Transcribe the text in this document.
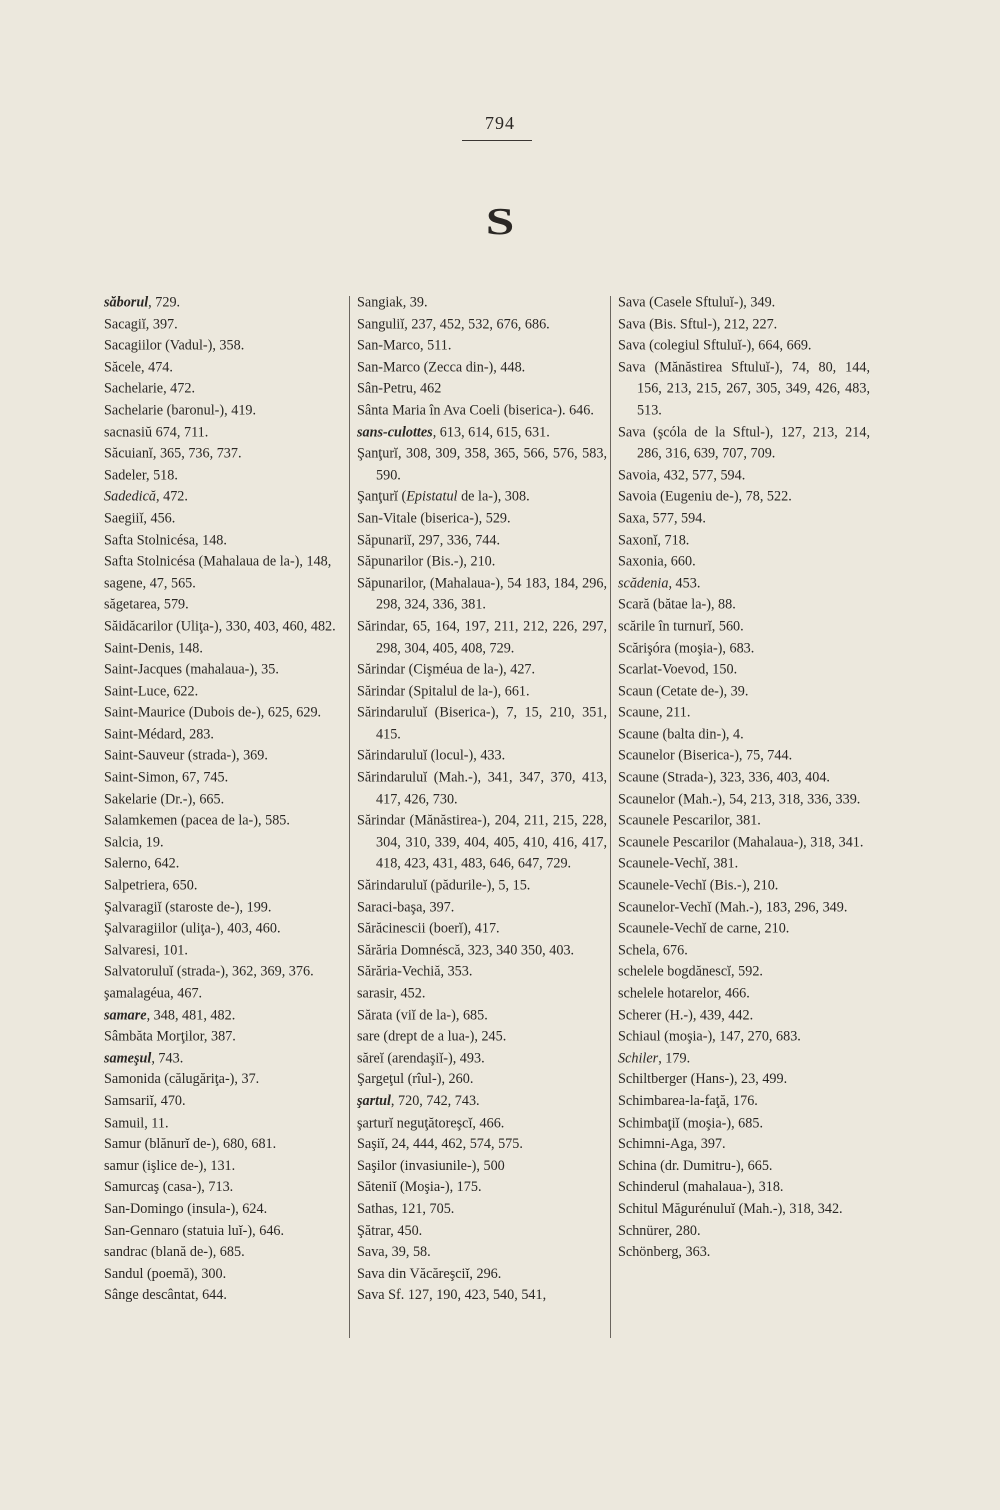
794
S

săborul, 729.

Sacagiĭ, 397.

Sacagiilor (Vadul-), 358.

Săcele, 474.

Sachelarie, 472.

Sachelarie (baronul-), 419.

sacnasiŭ 674, 711.

Săcuianĭ, 365, 736, 737.

Sadeler, 518.

Sadedică, 472.

Saegiiĭ, 456.

Safta Stolnicésa, 148.

Safta Stolnicésa (Mahalaua de la-), 148,

sagene, 47, 565.

săgetarea, 579.

Săidăcarilor (Uliţa-), 330, 403, 460, 482.

Saint-Denis, 148.

Saint-Jacques (mahalaua-), 35.

Saint-Luce, 622.

Saint-Maurice (Dubois de-), 625, 629.

Saint-Médard, 283.

Saint-Sauveur (strada-), 369.

Saint-Simon, 67, 745.

Sakelarie (Dr.-), 665.

Salamkemen (pacea de la-), 585.

Salcia, 19.

Salerno, 642.

Salpetriera, 650.

Şalvaragiĭ (staroste de-), 199.

Şalvaragiilor (uliţa-), 403, 460.

Salvaresi, 101.

Salvatoruluĭ (strada-), 362, 369, 376.

şamalagéua, 467.

samare, 348, 481, 482.

Sâmbăta Morţilor, 387.

sameşul, 743.

Samonida (călugăriţa-), 37.

Samsariĭ, 470.

Samuil, 11.

Samur (blănurĭ de-), 680, 681.

samur (işlice de-), 131.

Samurcaş (casa-), 713.

San-Domingo (insula-), 624.

San-Gennaro (statuia luĭ-), 646.

sandrac (blană de-), 685.

Sandul (poemă), 300.

Sânge descântat, 644.

Sangiak, 39.

Sanguliĭ, 237, 452, 532, 676, 686.

San-Marco, 511.

San-Marco (Zecca din-), 448.

Sân-Petru, 462

Sânta Maria în Ava Coeli (biserica-). 646.

sans-culottes, 613, 614, 615, 631.

Şanţurĭ, 308, 309, 358, 365, 566, 576, 583, 590.

Şanţurĭ (Epistatul de la-), 308.

San-Vitale (biserica-), 529.

Săpunariĭ, 297, 336, 744.

Săpunarilor (Bis.-), 210.

Săpunarilor, (Mahalaua-), 54 183, 184, 296, 298, 324, 336, 381.

Sărindar, 65, 164, 197, 211, 212, 226, 297, 298, 304, 405, 408, 729.

Sărindar (Cişméua de la-), 427.

Sărindar (Spitalul de la-), 661.

Sărindaruluĭ (Biserica-), 7, 15, 210, 351, 415.

Sărindaruluĭ (locul-), 433.

Sărindaruluĭ (Mah.-), 341, 347, 370, 413, 417, 426, 730.

Sărindar (Mănăstirea-), 204, 211, 215, 228, 304, 310, 339, 404, 405, 410, 416, 417, 418, 423, 431, 483, 646, 647, 729.

Sărindaruluĭ (pădurile-), 5, 15.

Saraci-başa, 397.

Sărăcinescii (boerĭ), 417.

Sărăria Domnéscă, 323, 340 350, 403.

Sărăria-Vechiă, 353.

sarasir, 452.

Sărata (viĭ de la-), 685.

sare (drept de a lua-), 245.

săreĭ (arendaşiĭ-), 493.

Şargeţul (rîul-), 260.

şartul, 720, 742, 743.

şarturĭ neguţătoreşcĭ, 466.

Saşiĭ, 24, 444, 462, 574, 575.

Saşilor (invasiunile-), 500

Săteniĭ (Moşia-), 175.

Sathas, 121, 705.

Şătrar, 450.

Sava, 39, 58.

Sava din Văcăreşciĭ, 296.

Sava Sf. 127, 190, 423, 540, 541,

Sava (Casele Sftuluĭ-), 349.

Sava (Bis. Sftul-), 212, 227.

Sava (colegiul Sftuluĭ-), 664, 669.

Sava (Mănăstirea Sftuluĭ-), 74, 80, 144, 156, 213, 215, 267, 305, 349, 426, 483, 513.

Sava (şcóla de la Sftul-), 127, 213, 214, 286, 316, 639, 707, 709.

Savoia, 432, 577, 594.

Savoia (Eugeniu de-), 78, 522.

Saxa, 577, 594.

Saxonĭ, 718.

Saxonia, 660.

scădenia, 453.

Scară (bătae la-), 88.

scările în turnurĭ, 560.

Scărişóra (moşia-), 683.

Scarlat-Voevod, 150.

Scaun (Cetate de-), 39.

Scaune, 211.

Scaune (balta din-), 4.

Scaunelor (Biserica-), 75, 744.

Scaune (Strada-), 323, 336, 403, 404.

Scaunelor (Mah.-), 54, 213, 318, 336, 339.

Scaunele Pescarilor, 381.

Scaunele Pescarilor (Mahalaua-), 318, 341.

Scaunele-Vechĭ, 381.

Scaunele-Vechĭ (Bis.-), 210.

Scaunelor-Vechĭ (Mah.-), 183, 296, 349.

Scaunele-Vechĭ de carne, 210.

Schela, 676.

schelele bogdănescĭ, 592.

schelele hotarelor, 466.

Scherer (H.-), 439, 442.

Schiaul (moşia-), 147, 270, 683.

Schiler, 179.

Schiltberger (Hans-), 23, 499.

Schimbarea-la-faţă, 176.

Schimbaţiĭ (moşia-), 685.

Schimni-Aga, 397.

Schina (dr. Dumitru-), 665.

Schinderul (mahalaua-), 318.

Schitul Măgurénuluĭ (Mah.-), 318, 342.

Schnürer, 280.

Schönberg, 363.
